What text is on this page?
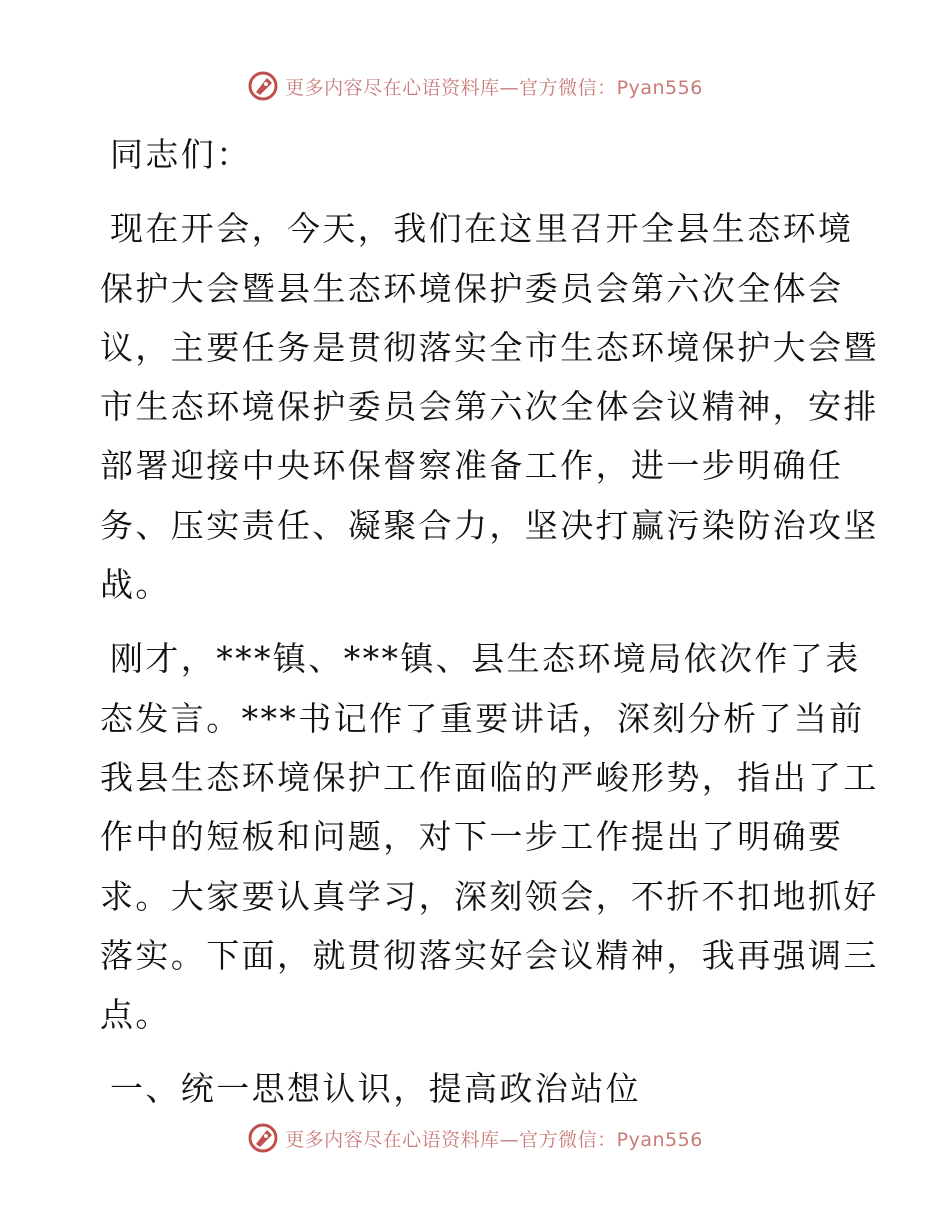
更多内容尽在心语资料库—官方微信：Pyan556
同志们：
现在开会，今天，我们在这里召开全县生态环境
保护大会暨县生态环境保护委员会第六次全体会
议，主要任务是贯彻落实全市生态环境保护大会暨
市生态环境保护委员会第六次全体会议精神，安排
部署迎接中央环保督察准备工作，进一步明确任
务、压实责任、凝聚合力，坚决打赢污染防治攻坚
战。
刚才，***镇、***镇、县生态环境局依次作了表
态发言。***书记作了重要讲话，深刻分析了当前
我县生态环境保护工作面临的严峻形势，指出了工
作中的短板和问题，对下一步工作提出了明确要
求。大家要认真学习，深刻领会，不折不扣地抓好
落实。下面，就贯彻落实好会议精神，我再强调三
点。
一、统一思想认识，提高政治站位
更多内容尽在心语资料库—官方微信：Pyan556
